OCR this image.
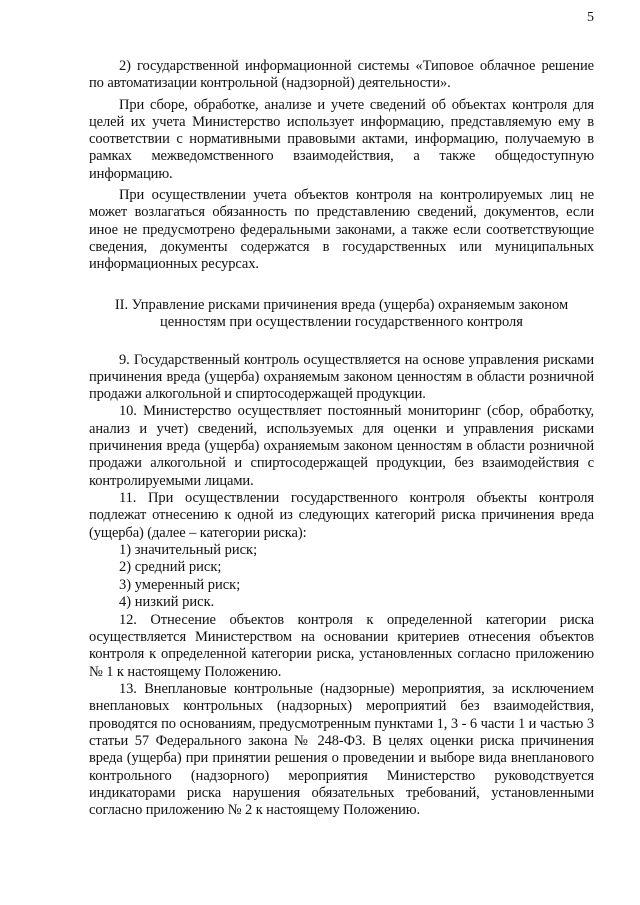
5

2) государственной информационной системы «Типовое облачное решение по автоматизации контрольной (надзорной) деятельности».

При сборе, обработке, анализе и учете сведений об объектах контроля для целей их учета Министерство использует информацию, представляемую ему в соответствии с нормативными правовыми актами, информацию, получаемую в рамках межведомственного взаимодействия, а также общедоступную информацию.

При осуществлении учета объектов контроля на контролируемых лиц не может возлагаться обязанность по представлению сведений, документов, если иное не предусмотрено федеральными законами, а также если соответствующие сведения, документы содержатся в государственных или муниципальных информационных ресурсах.

II. Управление рисками причинения вреда (ущерба) охраняемым законом ценностям при осуществлении государственного контроля

9. Государственный контроль осуществляется на основе управления рисками причинения вреда (ущерба) охраняемым законом ценностям в области розничной продажи алкогольной и спиртосодержащей продукции.

10. Министерство осуществляет постоянный мониторинг (сбор, обработку, анализ и учет) сведений, используемых для оценки и управления рисками причинения вреда (ущерба) охраняемым законом ценностям в области розничной продажи алкогольной и спиртосодержащей продукции, без взаимодействия с контролируемыми лицами.

11. При осуществлении государственного контроля объекты контроля подлежат отнесению к одной из следующих категорий риска причинения вреда (ущерба) (далее – категории риска):

1) значительный риск;

2) средний риск;

3) умеренный риск;

4) низкий риск.

12. Отнесение объектов контроля к определенной категории риска осуществляется Министерством на основании критериев отнесения объектов контроля к определенной категории риска, установленных согласно приложению № 1 к настоящему Положению.

13. Внеплановые контрольные (надзорные) мероприятия, за исключением внеплановых контрольных (надзорных) мероприятий без взаимодействия, проводятся по основаниям, предусмотренным пунктами 1, 3 - 6 части 1 и частью 3 статьи 57 Федерального закона № 248-ФЗ. В целях оценки риска причинения вреда (ущерба) при принятии решения о проведении и выборе вида внепланового контрольного (надзорного) мероприятия Министерство руководствуется индикаторами риска нарушения обязательных требований, установленными согласно приложению № 2 к настоящему Положению.
